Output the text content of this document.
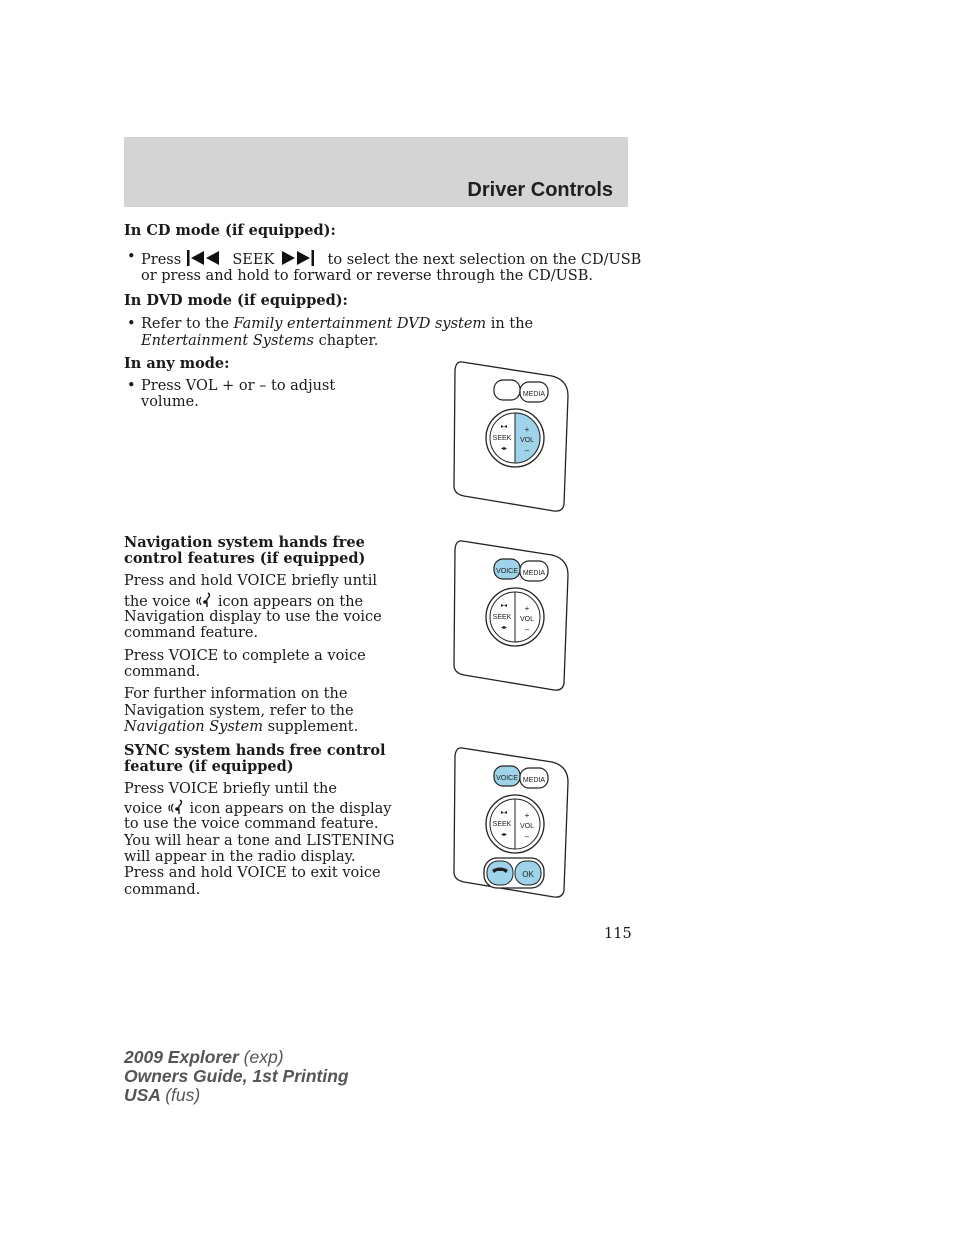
Driver Controls
In CD mode (if equipped):
• Press	SEEK	to select the next selection on the CD/USB
or press and hold to forward or reverse through the CD/USB.
In DVD mode (if equipped):
• Refer to the Family entertainment DVD system in the
Entertainment Systems chapter.
In any mode:
• Press VOL + or – to adjust
volume.	MEDIA
SEEK
▸◂
◂▸
+
VOL
–
Navigation system hands free
control features (if equipped)
Press and hold VOICE briefly until
the voice icon appears on the
Navigation display to use the voice
command feature.
Press VOICE to complete a voice
command.
For further information on the
Navigation system, refer to the
Navigation System supplement.
VOICE MEDIA
SEEK
▸◂
◂▸
+
VOL
–
SYNC system hands free control
feature (if equipped)
Press VOICE briefly until the
voice icon appears on the display
to use the voice command feature.
You will hear a tone and LISTENING
will appear in the radio display.
Press and hold VOICE to exit voice
command.
VOICE MEDIA
SEEK
▸◂
◂▸
+
VOL
–
OK
115
2009 Explorer (exp)
Owners Guide, 1st Printing
USA (fus)
